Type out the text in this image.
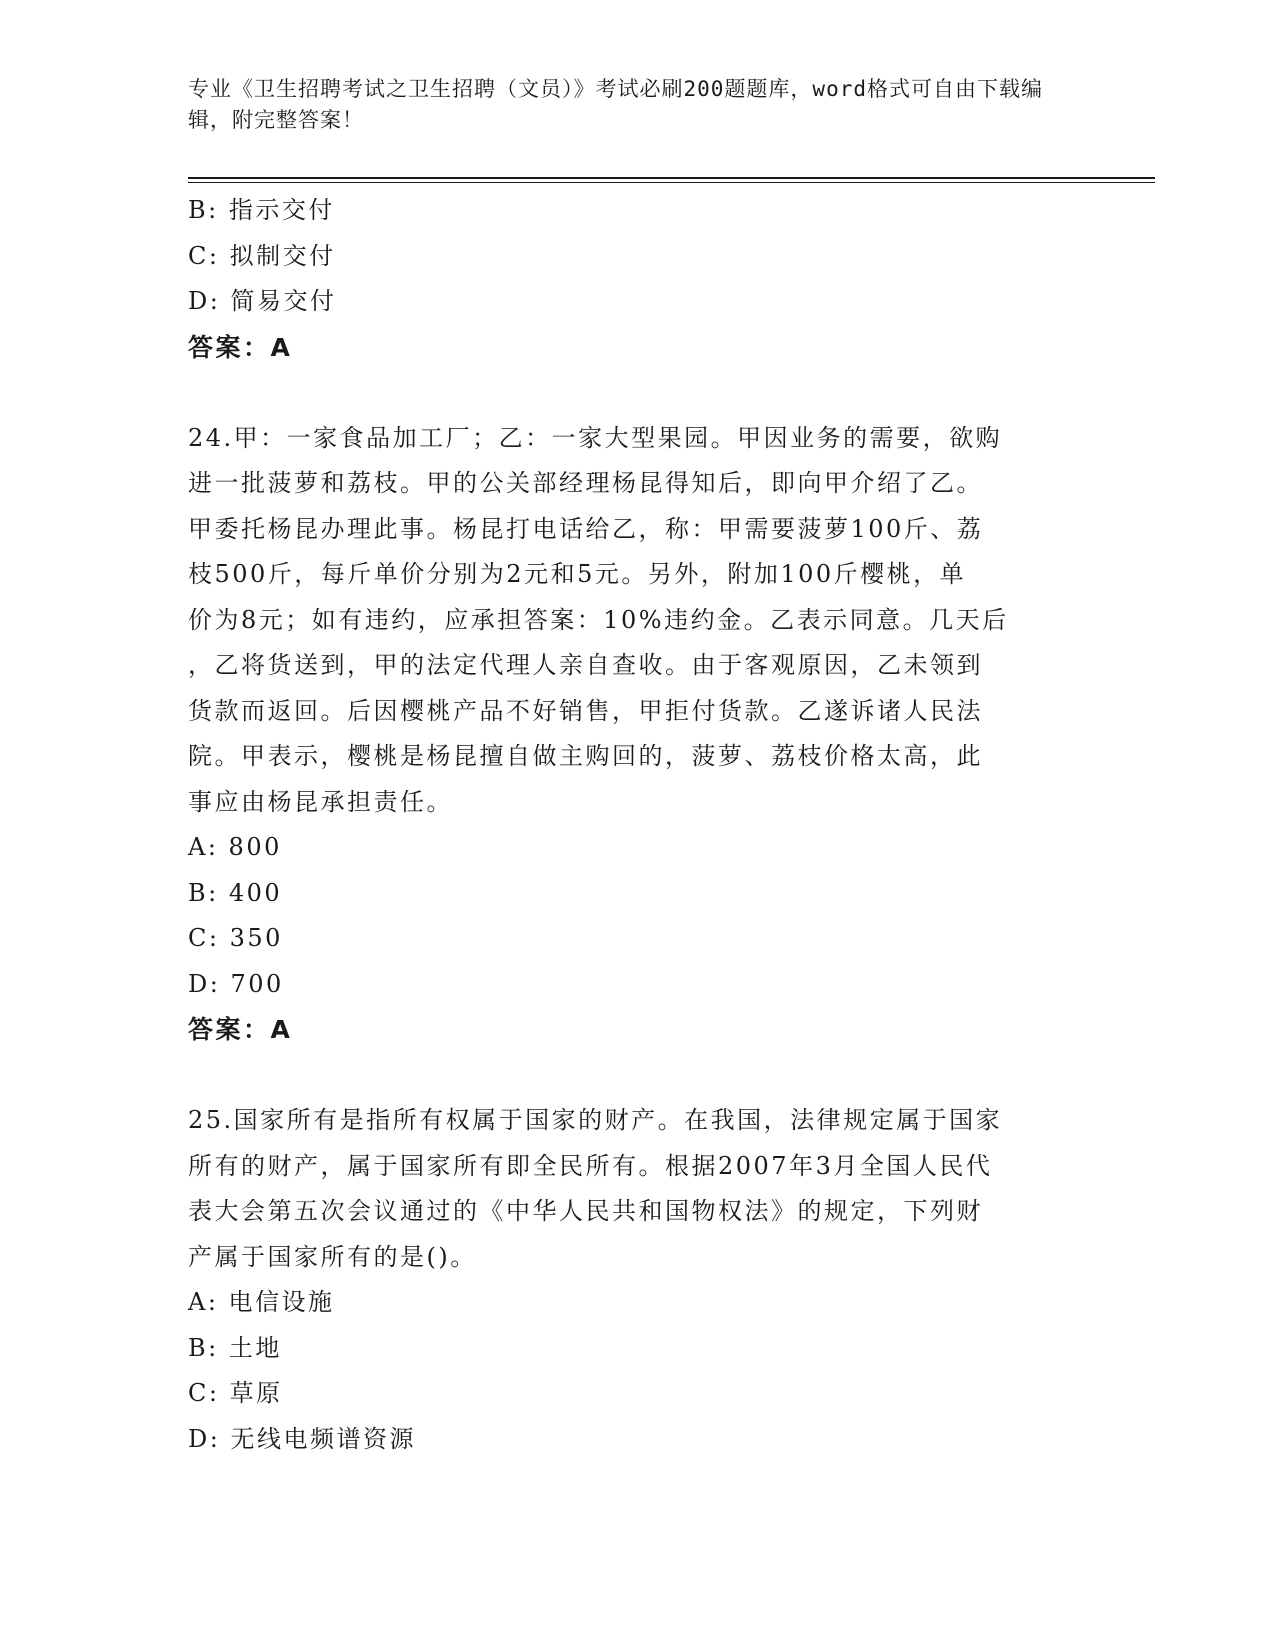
专业《卫生招聘考试之卫生招聘（文员）》考试必刷200题题库，word格式可自由下载编辑，附完整答案！
B: 指示交付
C: 拟制交付
D: 简易交付
答案：A
24.甲：一家食品加工厂；乙：一家大型果园。甲因业务的需要，欲购
进一批菠萝和荔枝。甲的公关部经理杨昆得知后，即向甲介绍了乙。
甲委托杨昆办理此事。杨昆打电话给乙，称：甲需要菠萝100斤、荔
枝500斤，每斤单价分别为2元和5元。另外，附加100斤樱桃，单
价为8元；如有违约，应承担答案：10%违约金。乙表示同意。几天后
，乙将货送到，甲的法定代理人亲自查收。由于客观原因，乙未领到
货款而返回。后因樱桃产品不好销售，甲拒付货款。乙遂诉诸人民法
院。甲表示，樱桃是杨昆擅自做主购回的，菠萝、荔枝价格太高，此
事应由杨昆承担责任。
A: 800
B: 400
C: 350
D: 700
答案：A
25.国家所有是指所有权属于国家的财产。在我国，法律规定属于国家
所有的财产，属于国家所有即全民所有。根据2007年3月全国人民代
表大会第五次会议通过的《中华人民共和国物权法》的规定，下列财
产属于国家所有的是()。
A: 电信设施
B: 土地
C: 草原
D: 无线电频谱资源
